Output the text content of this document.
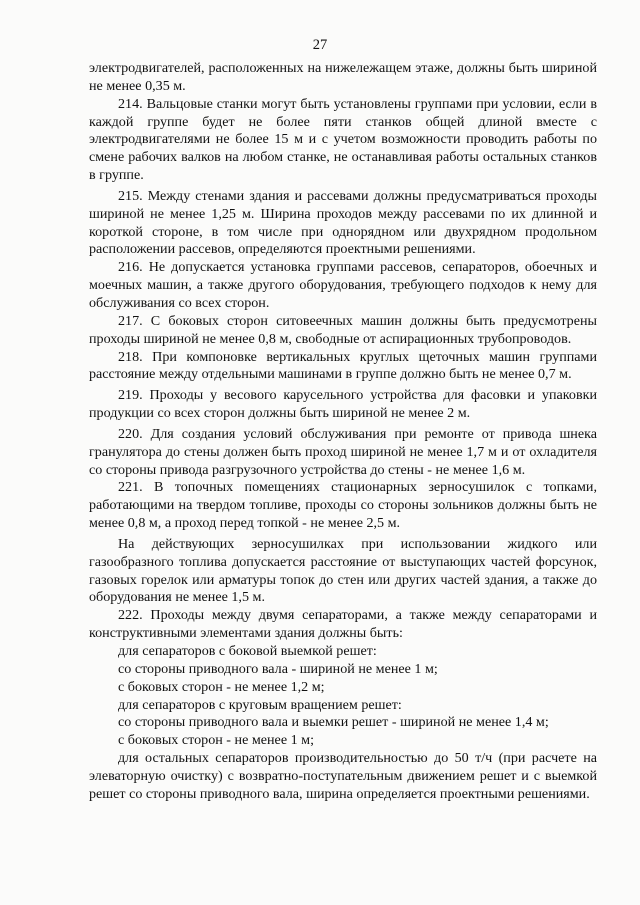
27

электродвигателей, расположенных на нижележащем этаже, должны быть шириной не менее 0,35 м.

214. Вальцовые станки могут быть установлены группами при условии, если в каждой группе будет не более пяти станков общей длиной вместе с электродвигателями не более 15 м и с учетом возможности проводить работы по смене рабочих валков на любом станке, не останавливая работы остальных станков в группе.

215. Между стенами здания и рассевами должны предусматриваться проходы шириной не менее 1,25 м. Ширина проходов между рассевами по их длинной и короткой стороне, в том числе при однорядном или двухрядном продольном расположении рассевов, определяются проектными решениями.

216. Не допускается установка группами рассевов, сепараторов, обоечных и моечных машин, а также другого оборудования, требующего подходов к нему для обслуживания со всех сторон.

217. С боковых сторон ситовеечных машин должны быть предусмотрены проходы шириной не менее 0,8 м, свободные от аспирационных трубопроводов.

218. При компоновке вертикальных круглых щеточных машин группами расстояние между отдельными машинами в группе должно быть не менее 0,7 м.

219. Проходы у весового карусельного устройства для фасовки и упаковки продукции со всех сторон должны быть шириной не менее 2 м.

220. Для создания условий обслуживания при ремонте от привода шнека гранулятора до стены должен быть проход шириной не менее 1,7 м и от охладителя со стороны привода разгрузочного устройства до стены - не менее 1,6 м.

221. В топочных помещениях стационарных зерносушилок с топками, работающими на твердом топливе, проходы со стороны зольников должны быть не менее 0,8 м, а проход перед топкой - не менее 2,5 м.

На действующих зерносушилках при использовании жидкого или газообразного топлива допускается расстояние от выступающих частей форсунок, газовых горелок или арматуры топок до стен или других частей здания, а также до оборудования не менее 1,5 м.

222. Проходы между двумя сепараторами, а также между сепараторами и конструктивными элементами здания должны быть:

для сепараторов с боковой выемкой решет:

со стороны приводного вала - шириной не менее 1 м;

с боковых сторон - не менее 1,2 м;

для сепараторов с круговым вращением решет:

со стороны приводного вала и выемки решет - шириной не менее 1,4 м;

с боковых сторон - не менее 1 м;

для остальных сепараторов производительностью до 50 т/ч (при расчете на элеваторную очистку) с возвратно-поступательным движением решет и с выемкой решет со стороны приводного вала, ширина определяется проектными решениями.
